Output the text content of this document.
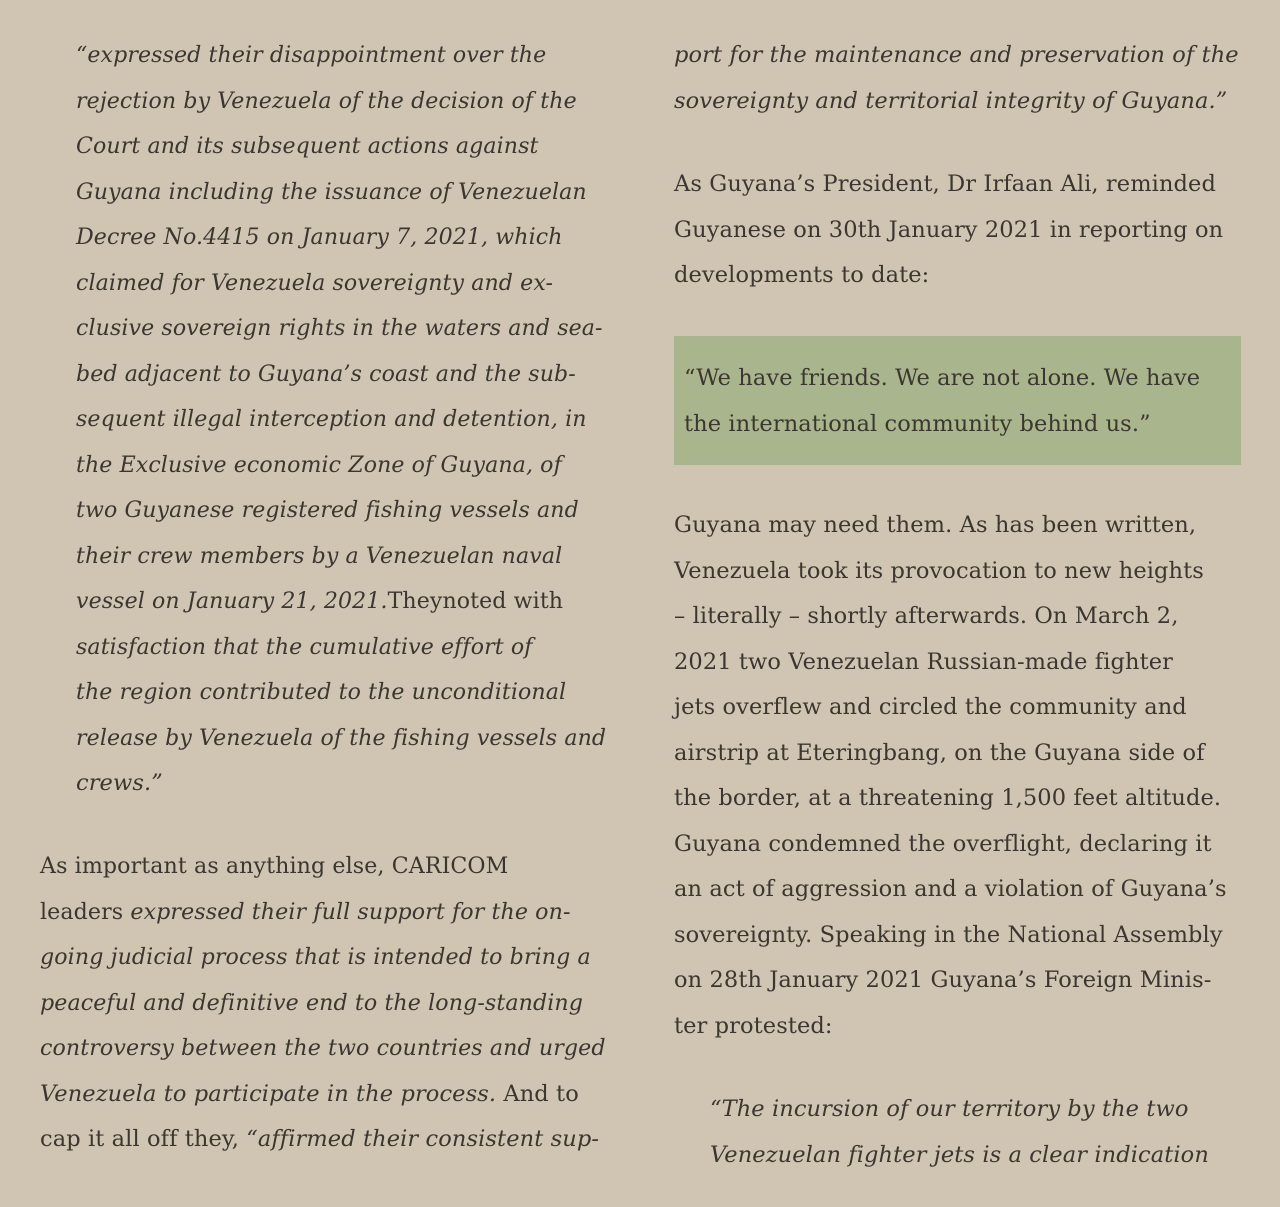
“expressed their disappointment over the
rejection by Venezuela of the decision of the
Court and its subsequent actions against
Guyana including the issuance of Venezuelan
Decree No.4415 on January 7, 2021, which
claimed for Venezuela sovereignty and ex-
clusive sovereign rights in the waters and sea-
bed adjacent to Guyana’s coast and the sub-
sequent illegal interception and detention, in
the Exclusive economic Zone of Guyana, of
two Guyanese registered fishing vessels and
their crew members by a Venezuelan naval
vessel on January 21, 2021.Theynoted with
satisfaction that the cumulative effort of
the region contributed to the unconditional
release by Venezuela of the fishing vessels and
crews.”
As important as anything else, CARICOM
leaders expressed their full support for the on-
going judicial process that is intended to bring a
peaceful and definitive end to the long-standing
controversy between the two countries and urged
Venezuela to participate in the process. And to
cap it all off they, “affirmed their consistent sup-
port for the maintenance and preservation of the
sovereignty and territorial integrity of Guyana.”
As Guyana’s President, Dr Irfaan Ali, reminded
Guyanese on 30th January 2021 in reporting on
developments to date:
“We have friends. We are not alone. We have
the international community behind us.”
Guyana may need them. As has been written,
Venezuela took its provocation to new heights
– literally – shortly afterwards. On March 2,
2021 two Venezuelan Russian-made fighter
jets overflew and circled the community and
airstrip at Eteringbang, on the Guyana side of
the border, at a threatening 1,500 feet altitude.
Guyana condemned the overflight, declaring it
an act of aggression and a violation of Guyana’s
sovereignty. Speaking in the National Assembly
on 28th January 2021 Guyana’s Foreign Minis-
ter protested:
“The incursion of our territory by the two
Venezuelan fighter jets is a clear indication
